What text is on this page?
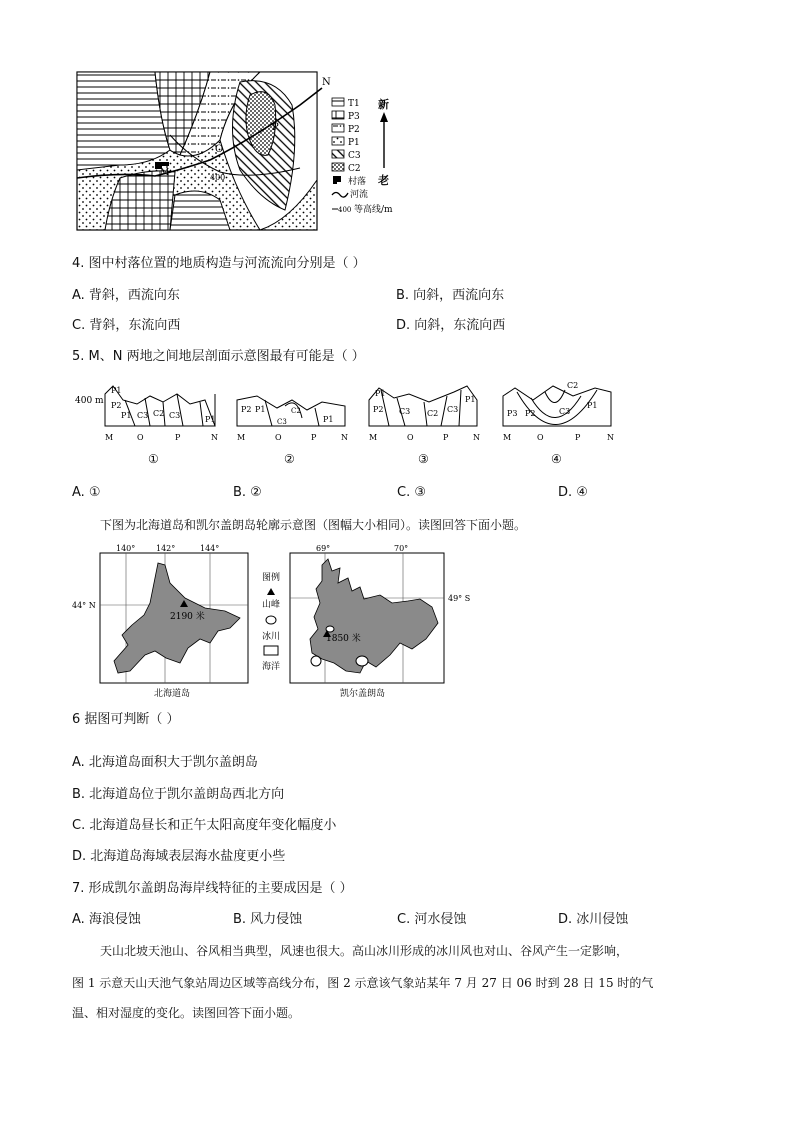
N
O
P
M	400
T1
P3
P2
P1
C3
C2
村落
河流
400 等高线/m
新
老
4. 图中村落位置的地质构造与河流流向分别是（ ）
A. 背斜，西流向东	B. 向斜，西流向东
C. 背斜，东流向西	D. 向斜，东流向西
5. M、N 两地之间地层剖面示意图最有可能是（ ）
400 m
P1
P2
P1 C3 C2 C3	P1
P2 P1	C2
C3	P1
P1
P2 C3 C2 C3
P1
C2
P3 P2	C3
P1
M	O	P	N M	O	P	N	M	O	P	N	M	O	P	N
①	②	③	④
A. ①	B. ②	C. ③	D. ④
下图为北海道岛和凯尔盖朗岛轮廓示意图（图幅大小相同）。读图回答下面小题。
140°	142°	144°
44° N
2190 米
北海道岛
图例
山峰
冰川
海洋
69°	70°
49° S
1850 米
凯尔盖朗岛
6 据图可判断（ ）
A. 北海道岛面积大于凯尔盖朗岛
B. 北海道岛位于凯尔盖朗岛西北方向
C. 北海道岛昼长和正午太阳高度年变化幅度小
D. 北海道岛海域表层海水盐度更小些
7. 形成凯尔盖朗岛海岸线特征的主要成因是（ ）
A. 海浪侵蚀	B. 风力侵蚀	C. 河水侵蚀	D. 冰川侵蚀
天山北坡天池山、谷风相当典型，风速也很大。高山冰川形成的冰川风也对山、谷风产生一定影响，
图 1 示意天山天池气象站周边区域等高线分布，图 2 示意该气象站某年 7 月 27 日 06 时到 28 日 15 时的气
温、相对湿度的变化。读图回答下面小题。
